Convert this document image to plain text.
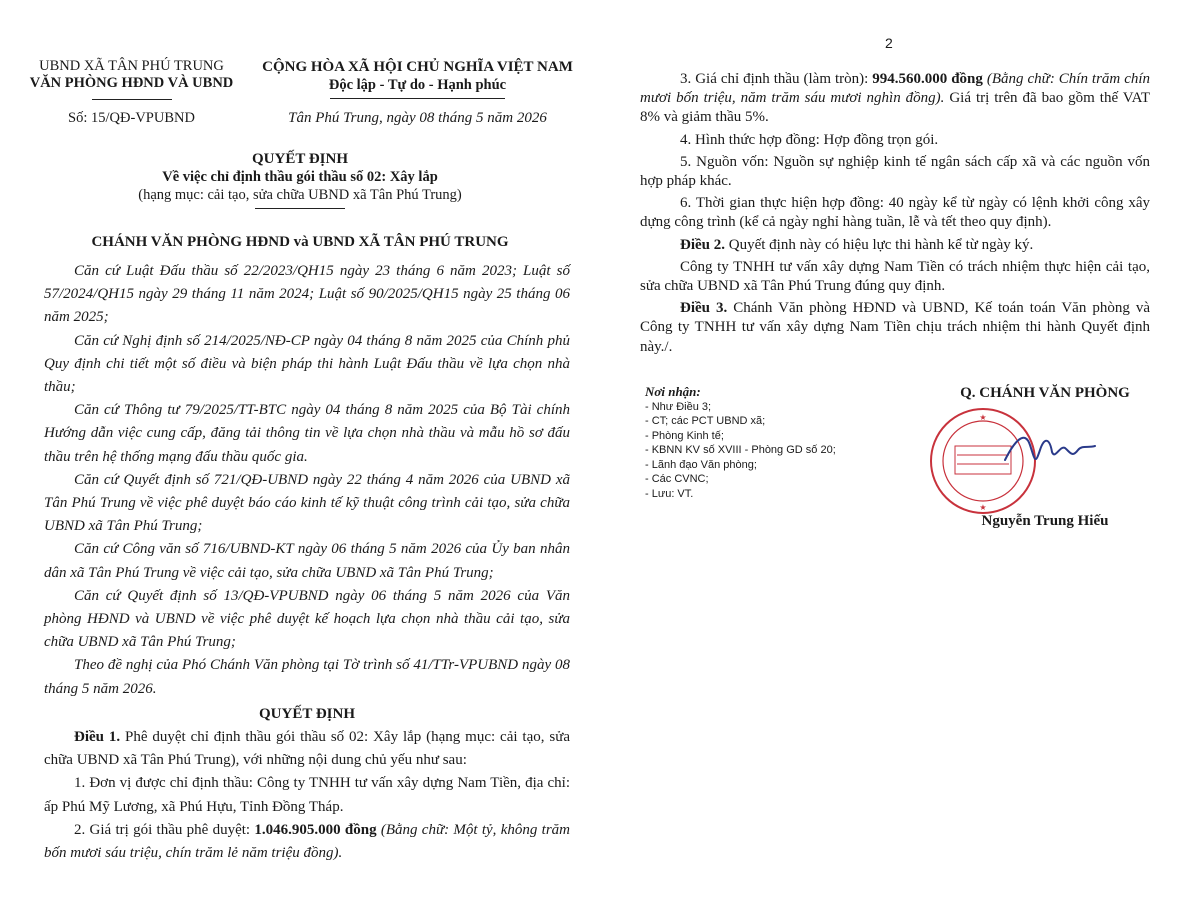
UBND XÃ TÂN PHÚ TRUNG
VĂN PHÒNG HĐND VÀ UBND
CỘNG HÒA XÃ HỘI CHỦ NGHĨA VIỆT NAM
Độc lập - Tự do - Hạnh phúc
Số: 15/QĐ-VPUBND	Tân Phú Trung, ngày 08 tháng 5 năm 2026
QUYẾT ĐỊNH
Về việc chỉ định thầu gói thầu số 02: Xây lắp
(hạng mục: cải tạo, sửa chữa UBND xã Tân Phú Trung)
CHÁNH VĂN PHÒNG HĐND và UBND XÃ TÂN PHÚ TRUNG

Căn cứ Luật Đấu thầu số 22/2023/QH15 ngày 23 tháng 6 năm 2023; Luật số 57/2024/QH15 ngày 29 tháng 11 năm 2024; Luật số 90/2025/QH15 ngày 25 tháng 06 năm 2025;

Căn cứ Nghị định số 214/2025/NĐ-CP ngày 04 tháng 8 năm 2025 của Chính phủ Quy định chi tiết một số điều và biện pháp thi hành Luật Đấu thầu về lựa chọn nhà thầu;

Căn cứ Thông tư 79/2025/TT-BTC ngày 04 tháng 8 năm 2025 của Bộ Tài chính Hướng dẫn việc cung cấp, đăng tải thông tin về lựa chọn nhà thầu và mẫu hồ sơ đấu thầu trên hệ thống mạng đấu thầu quốc gia.

Căn cứ Quyết định số 721/QĐ-UBND ngày 22 tháng 4 năm 2026 của UBND xã Tân Phú Trung về việc phê duyệt báo cáo kinh tế kỹ thuật công trình cải tạo, sửa chữa UBND xã Tân Phú Trung;

Căn cứ Công văn số 716/UBND-KT ngày 06 tháng 5 năm 2026 của Ủy ban nhân dân xã Tân Phú Trung về việc cải tạo, sửa chữa UBND xã Tân Phú Trung;

Căn cứ Quyết định số 13/QĐ-VPUBND ngày 06 tháng 5 năm 2026 của Văn phòng HĐND và UBND về việc phê duyệt kế hoạch lựa chọn nhà thầu cải tạo, sửa chữa UBND xã Tân Phú Trung;

Theo đề nghị của Phó Chánh Văn phòng tại Tờ trình số 41/TTr-VPUBND ngày 08 tháng 5 năm 2026.

QUYẾT ĐỊNH

Điều 1. Phê duyệt chỉ định thầu gói thầu số 02: Xây lắp (hạng mục: cải tạo, sửa chữa UBND xã Tân Phú Trung), với những nội dung chủ yếu như sau:

1. Đơn vị được chỉ định thầu: Công ty TNHH tư vấn xây dựng Nam Tiền, địa chỉ: ấp Phú Mỹ Lương, xã Phú Hựu, Tỉnh Đồng Tháp.

2. Giá trị gói thầu phê duyệt: 1.046.905.000 đồng (Bằng chữ: Một tỷ, không trăm bốn mươi sáu triệu, chín trăm lẻ năm triệu đồng).

2

3. Giá chỉ định thầu (làm tròn): 994.560.000 đồng (Bằng chữ: Chín trăm chín mươi bốn triệu, năm trăm sáu mươi nghìn đồng). Giá trị trên đã bao gồm thế VAT 8% và giảm thầu 5%.

4. Hình thức hợp đồng: Hợp đồng trọn gói.

5. Nguồn vốn: Nguồn sự nghiệp kinh tế ngân sách cấp xã và các nguồn vốn hợp pháp khác.

6. Thời gian thực hiện hợp đồng: 40 ngày kể từ ngày có lệnh khởi công xây dựng công trình (kể cả ngày nghỉ hàng tuần, lễ và tết theo quy định).

Điều 2. Quyết định này có hiệu lực thi hành kể từ ngày ký.

Công ty TNHH tư vấn xây dựng Nam Tiền có trách nhiệm thực hiện cải tạo, sửa chữa UBND xã Tân Phú Trung đúng quy định.

Điều 3. Chánh Văn phòng HĐND và UBND, Kế toán toán Văn phòng và Công ty TNHH tư vấn xây dựng Nam Tiền chịu trách nhiệm thi hành Quyết định này./.

Nơi nhận:
- Như Điều 3;
- CT; các PCT UBND xã;
- Phòng Kinh tế;
- KBNN KV số XVIII - Phòng GD số 20;
- Lãnh đạo Văn phòng;
- Các CVNC;
- Lưu: VT.
Q. CHÁNH VĂN PHÒNG
★
★
Nguyễn Trung Hiếu
